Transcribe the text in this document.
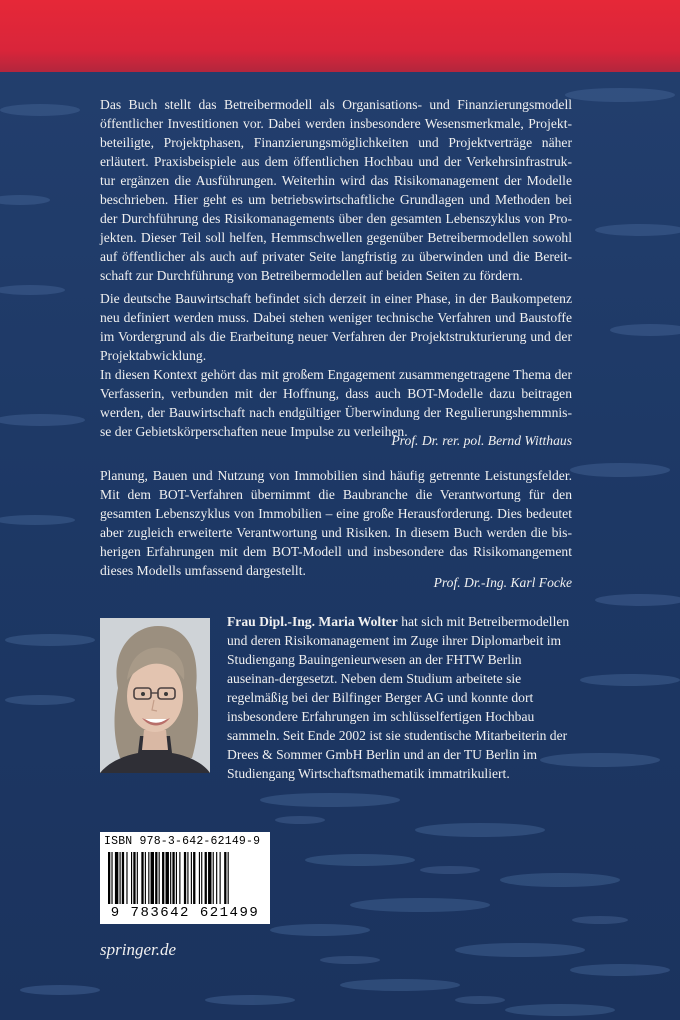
Das Buch stellt das Betreibermodell als Organisations- und Finanzierungsmodell öffentlicher Investitionen vor. Dabei werden insbesondere Wesensmerkmale, Projekt-beteiligte, Projektphasen, Finanzierungsmöglichkeiten und Projektverträge näher erläutert. Praxisbeispiele aus dem öffentlichen Hochbau und der Verkehrsinfrastruk-tur ergänzen die Ausführungen. Weiterhin wird das Risikomanagement der Modelle beschrieben. Hier geht es um betriebswirtschaftliche Grundlagen und Methoden bei der Durchführung des Risikomanagements über den gesamten Lebenszyklus von Pro-jekten. Dieser Teil soll helfen, Hemmschwellen gegenüber Betreibermodellen sowohl auf öffentlicher als auch auf privater Seite langfristig zu überwinden und die Bereit-schaft zur Durchführung von Betreibermodellen auf beiden Seiten zu fördern.

Die deutsche Bauwirtschaft befindet sich derzeit in einer Phase, in der Baukompetenz neu definiert werden muss. Dabei stehen weniger technische Verfahren und Baustoffe im Vordergrund als die Erarbeitung neuer Verfahren der Projektstrukturierung und der Projektabwicklung.

In diesen Kontext gehört das mit großem Engagement zusammengetragene Thema der Verfasserin, verbunden mit der Hoffnung, dass auch BOT-Modelle dazu beitragen werden, der Bauwirtschaft nach endgültiger Überwindung der Regulierungshemmnis-se der Gebietskörperschaften neue Impulse zu verleihen.

Prof. Dr. rer. pol. Bernd Witthaus

Planung, Bauen und Nutzung von Immobilien sind häufig getrennte Leistungsfelder. Mit dem BOT-Verfahren übernimmt die Baubranche die Verantwortung für den gesamten Lebenszyklus von Immobilien – eine große Herausforderung. Dies bedeutet aber zugleich erweiterte Verantwortung und Risiken. In diesem Buch werden die bis-herigen Erfahrungen mit dem BOT-Modell und insbesondere das Risikomangement dieses Modells umfassend dargestellt.

Prof. Dr.-Ing. Karl Focke
Frau Dipl.-Ing. Maria Wolter hat sich mit Betreibermodellen und deren Risikomanagement im Zuge ihrer Diplomarbeit im Studiengang Bauingenieurwesen an der FHTW Berlin auseinan-dergesetzt. Neben dem Studium arbeitete sie regelmäßig bei der Bilfinger Berger AG und konnte dort insbesondere Erfahrungen im schlüsselfertigen Hochbau sammeln. Seit Ende 2002 ist sie studentische Mitarbeiterin der Drees & Sommer GmbH Berlin und an der TU Berlin im Studiengang Wirtschaftsmathematik immatrikuliert.
ISBN 978-3-642-62149-9
9 783642 621499
springer.de
